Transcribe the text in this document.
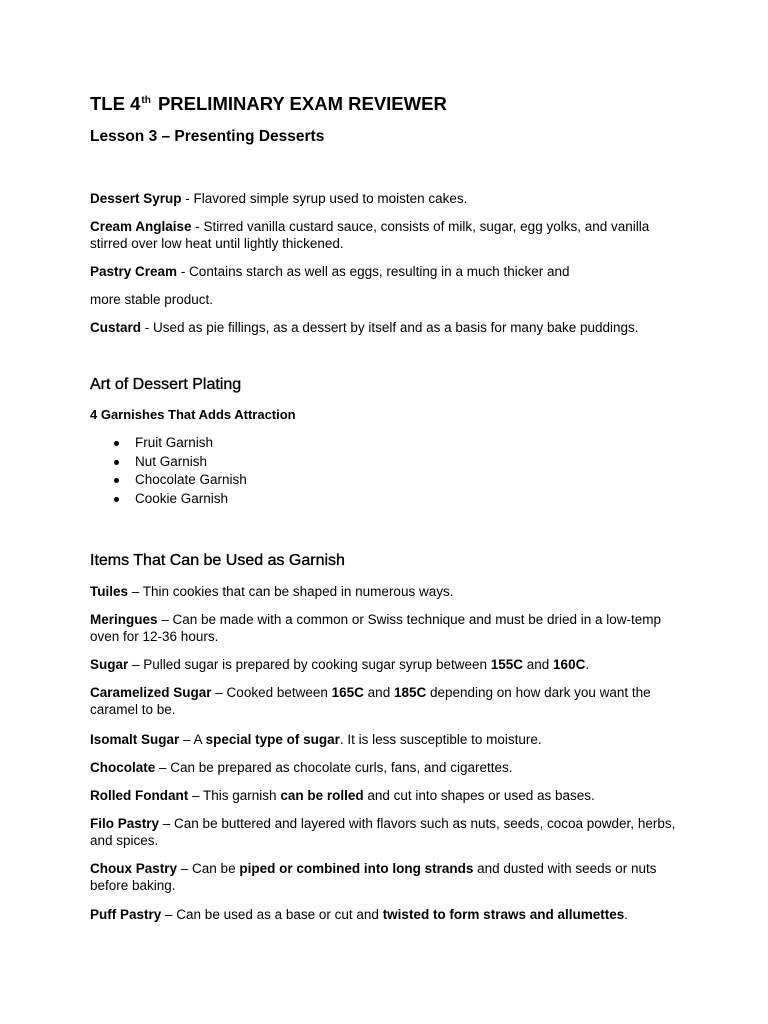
TLE 4th PRELIMINARY EXAM REVIEWER
Lesson 3 – Presenting Desserts

Dessert Syrup - Flavored simple syrup used to moisten cakes.

Cream Anglaise - Stirred vanilla custard sauce, consists of milk, sugar, egg yolks, and vanilla stirred over low heat until lightly thickened.

Pastry Cream - Contains starch as well as eggs, resulting in a much thicker and

more stable product.

Custard - Used as pie fillings, as a dessert by itself and as a basis for many bake puddings.

Art of Dessert Plating
4 Garnishes That Adds Attraction
Fruit Garnish
Nut Garnish
Chocolate Garnish
Cookie Garnish
Items That Can be Used as Garnish

Tuiles – Thin cookies that can be shaped in numerous ways.

Meringues – Can be made with a common or Swiss technique and must be dried in a low-temp oven for 12-36 hours.

Sugar – Pulled sugar is prepared by cooking sugar syrup between 155C and 160C.

Caramelized Sugar – Cooked between 165C and 185C depending on how dark you want the caramel to be.

Isomalt Sugar – A special type of sugar. It is less susceptible to moisture.

Chocolate – Can be prepared as chocolate curls, fans, and cigarettes.

Rolled Fondant – This garnish can be rolled and cut into shapes or used as bases.

Filo Pastry – Can be buttered and layered with flavors such as nuts, seeds, cocoa powder, herbs, and spices.

Choux Pastry – Can be piped or combined into long strands and dusted with seeds or nuts before baking.

Puff Pastry – Can be used as a base or cut and twisted to form straws and allumettes.
